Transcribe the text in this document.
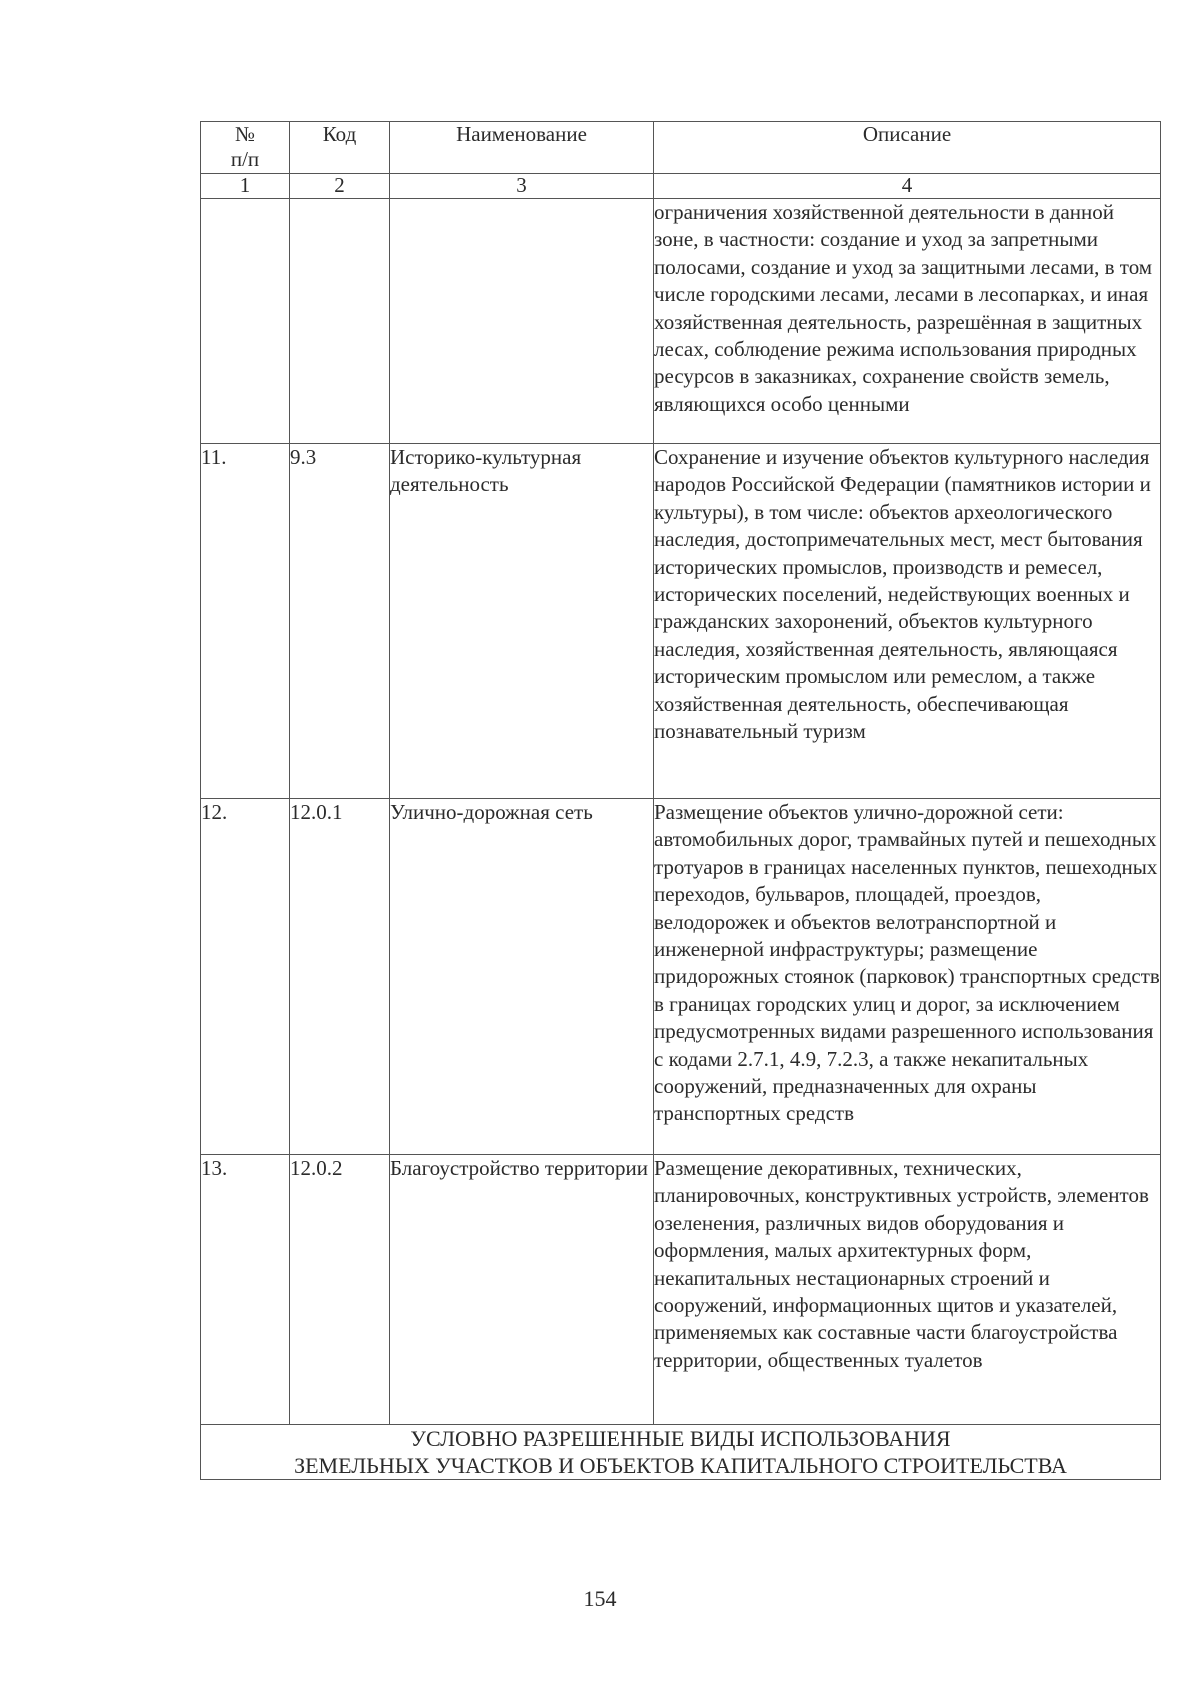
№
п/п	Код	Наименование	Описание
1	2	3	4
			ограничения хозяйственной деятельности в данной зоне, в частности: создание и уход за запретными полосами, создание и уход за защитными лесами, в том числе городскими лесами, лесами в лесопарках, и иная хозяйственная деятельность, разрешённая в защитных лесах, соблюдение режима использования природных ресурсов в заказниках, сохранение свойств земель, являющихся особо ценными
11.	9.3	Историко-культурная деятельность	Сохранение и изучение объектов культурного наследия народов Российской Федерации (памятников истории и культуры), в том числе: объектов археологического наследия, достопримечательных мест, мест бытования исторических промыслов, производств и ремесел, исторических поселений, недействующих военных и гражданских захоронений, объектов культурного наследия, хозяйственная деятельность, являющаяся историческим промыслом или ремеслом, а также хозяйственная деятельность, обеспечивающая познавательный туризм
12.	12.0.1	Улично-дорожная сеть	Размещение объектов улично-дорожной сети: автомобильных дорог, трамвайных путей и пешеходных тротуаров в границах населенных пунктов, пешеходных переходов, бульваров, площадей, проездов, велодорожек и объектов велотранспортной и инженерной инфраструктуры; размещение придорожных стоянок (парковок) транспортных средств в границах городских улиц и дорог, за исключением предусмотренных видами разрешенного использования с кодами 2.7.1, 4.9, 7.2.3, а также некапитальных сооружений, предназначенных для охраны транспортных средств
13.	12.0.2	Благоустройство территории	Размещение декоративных, технических, планировочных, конструктивных устройств, элементов озеленения, различных видов оборудования и оформления, малых архитектурных форм, некапитальных нестационарных строений и сооружений, информационных щитов и указателей, применяемых как составные части благоустройства территории, общественных туалетов

УСЛОВНО РАЗРЕШЕННЫЕ ВИДЫ ИСПОЛЬЗОВАНИЯ
ЗЕМЕЛЬНЫХ УЧАСТКОВ И ОБЪЕКТОВ КАПИТАЛЬНОГО СТРОИТЕЛЬСТВА			
154
